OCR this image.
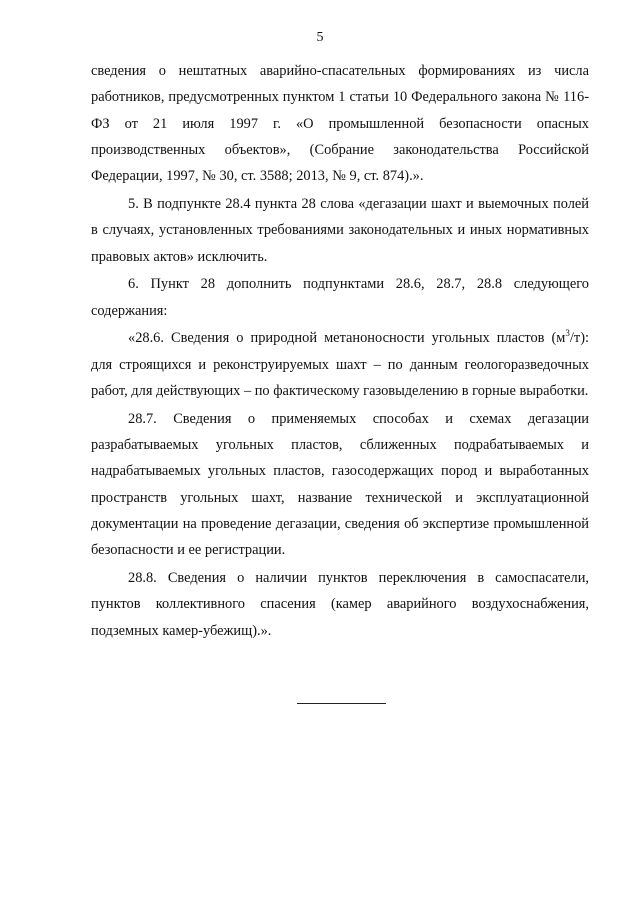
5

сведения о нештатных аварийно-спасательных формированиях из числа работников, предусмотренных пунктом 1 статьи 10 Федерального закона № 116-ФЗ от 21 июля 1997 г. «О промышленной безопасности опасных производственных объектов», (Собрание законодательства Российской Федерации, 1997, № 30, ст. 3588; 2013, № 9, ст. 874).».

5. В подпункте 28.4 пункта 28 слова «дегазации шахт и выемочных полей в случаях, установленных требованиями законодательных и иных нормативных правовых актов» исключить.

6. Пункт 28 дополнить подпунктами 28.6, 28.7, 28.8 следующего содержания:

«28.6. Сведения о природной метаноносности угольных пластов $(м^3/т)$: для строящихся и реконструируемых шахт – по данным геологоразведочных работ, для действующих – по фактическому газовыделению в горные выработки.

28.7. Сведения о применяемых способах и схемах дегазации разрабатываемых угольных пластов, сближенных подрабатываемых и надрабатываемых угольных пластов, газосодержащих пород и выработанных пространств угольных шахт, название технической и эксплуатационной документации на проведение дегазации, сведения об экспертизе промышленной безопасности и ее регистрации.

28.8. Сведения о наличии пунктов переключения в самоспасатели, пунктов коллективного спасения (камер аварийного воздухоснабжения, подземных камер-убежищ).».
